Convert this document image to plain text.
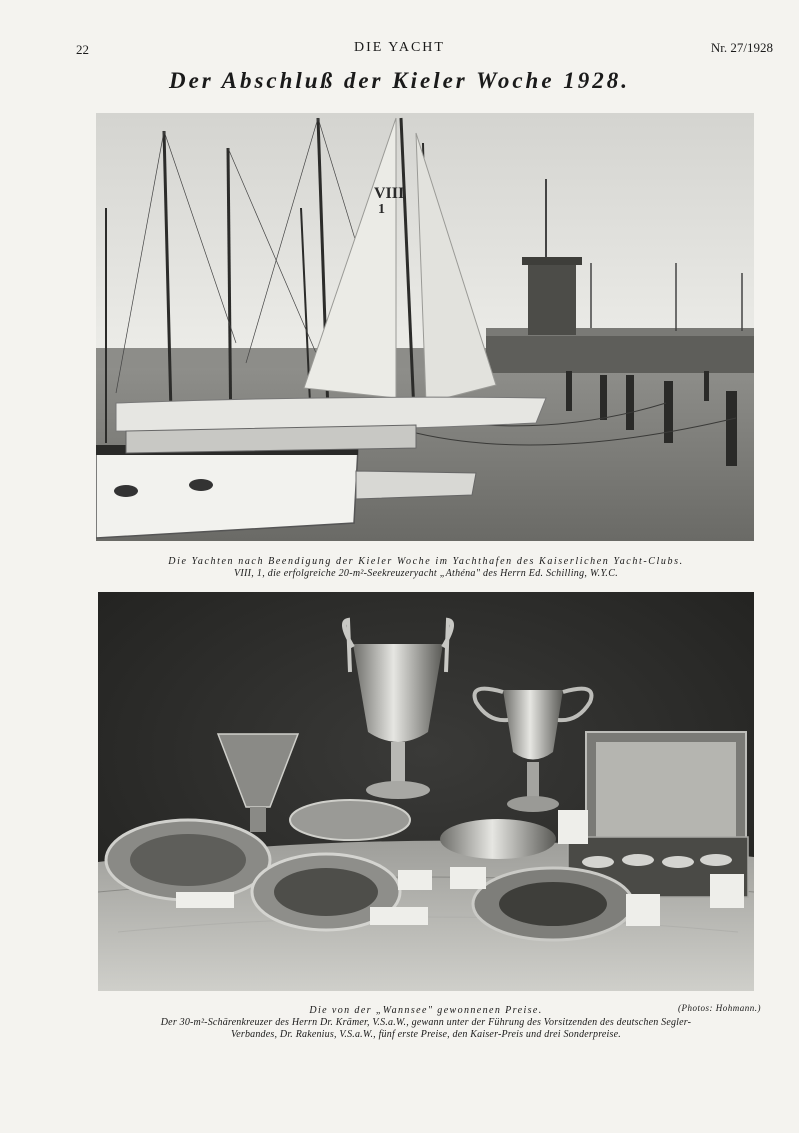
22	DIE YACHT	Nr. 27/1928
Der Abschluß der Kieler Woche 1928.
VIII
1
Die Yachten nach Beendigung der Kieler Woche im Yachthafen des Kaiserlichen Yacht-Clubs.
VIII, 1, die erfolgreiche 20-m²-Seekreuzeryacht „Athéna" des Herrn Ed. Schilling, W.Y.C.
Die von der „Wannsee" gewonnenen Preise.	(Photos: Hohmann.)
Der 30-m²-Schärenkreuzer des Herrn Dr. Krämer, V.S.a.W., gewann unter der Führung des Vorsitzenden des deutschen Segler-
Verbandes, Dr. Rakenius, V.S.a.W., fünf erste Preise, den Kaiser-Preis und drei Sonderpreise.
